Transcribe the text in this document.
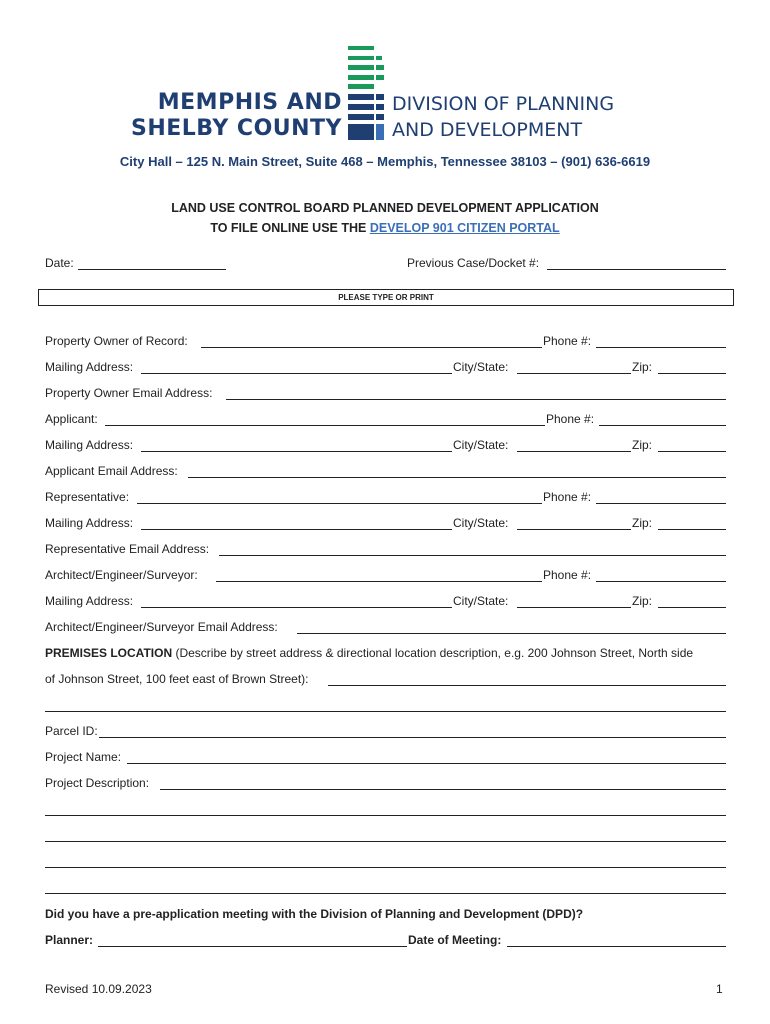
MEMPHIS AND
SHELBY COUNTY
DIVISION OF PLANNING
AND DEVELOPMENT
City Hall – 125 N. Main Street, Suite 468 – Memphis, Tennessee 38103 – (901) 636-6619
LAND USE CONTROL BOARD PLANNED DEVELOPMENT APPLICATION
TO FILE ONLINE USE THE DEVELOP 901 CITIZEN PORTAL
Date:	Previous Case/Docket #:
PLEASE TYPE OR PRINT
Property Owner of Record:	Phone #:
Mailing Address:	City/State:	Zip:
Property Owner Email Address:
Applicant:	Phone #:
Mailing Address:	City/State:	Zip:
Applicant Email Address:
Representative:	Phone #:
Mailing Address:	City/State:	Zip:
Representative Email Address:
Architect/Engineer/Surveyor:	Phone #:
Mailing Address:	City/State:	Zip:
Architect/Engineer/Surveyor Email Address:
PREMISES LOCATION (Describe by street address & directional location description, e.g. 200 Johnson Street, North side
of Johnson Street, 100 feet east of Brown Street):
Parcel ID:
Project Name:
Project Description:
Did you have a pre-application meeting with the Division of Planning and Development (DPD)?
Planner:	Date of Meeting:
Revised 10.09.2023	1
